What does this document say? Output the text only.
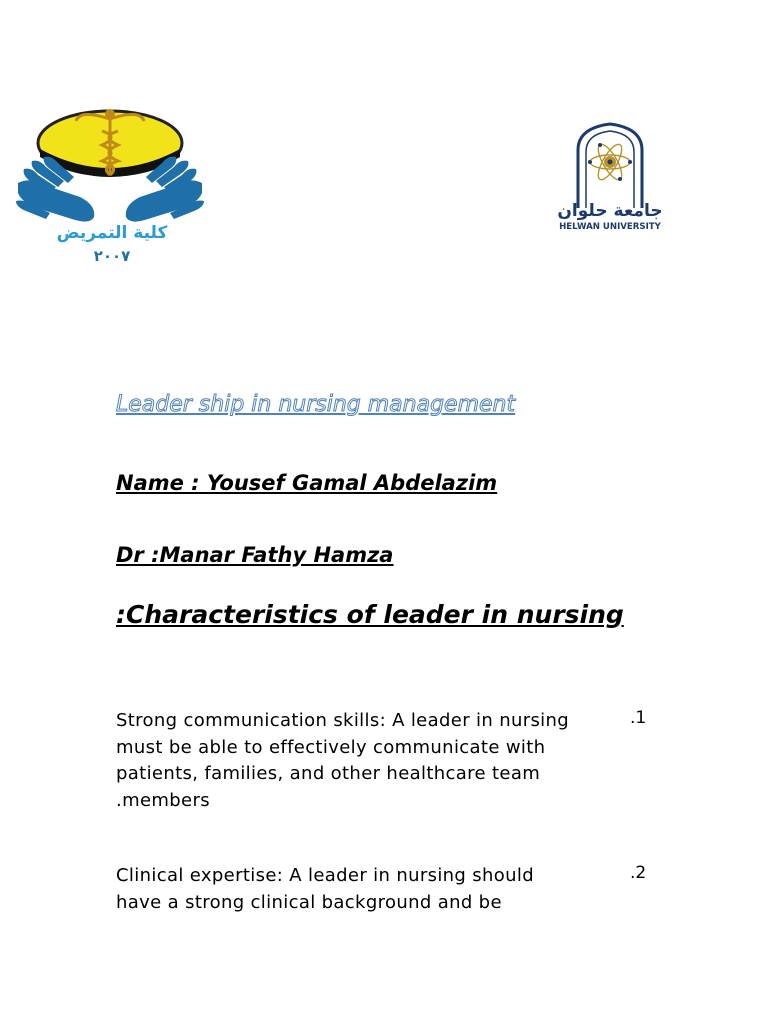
كلية التمريض
٢٠٠٧
جامعة حلوان
HELWAN UNIVERSITY
Leader ship in nursing management

Name : Yousef Gamal Abdelazim

Dr :Manar Fathy Hamza

:Characteristics of leader in nursing

Strong communication skills: A leader in nursing
must be able to effectively communicate with
patients, families, and other healthcare team
.members

.1

Clinical expertise: A leader in nursing should
have a strong clinical background and be

.2
